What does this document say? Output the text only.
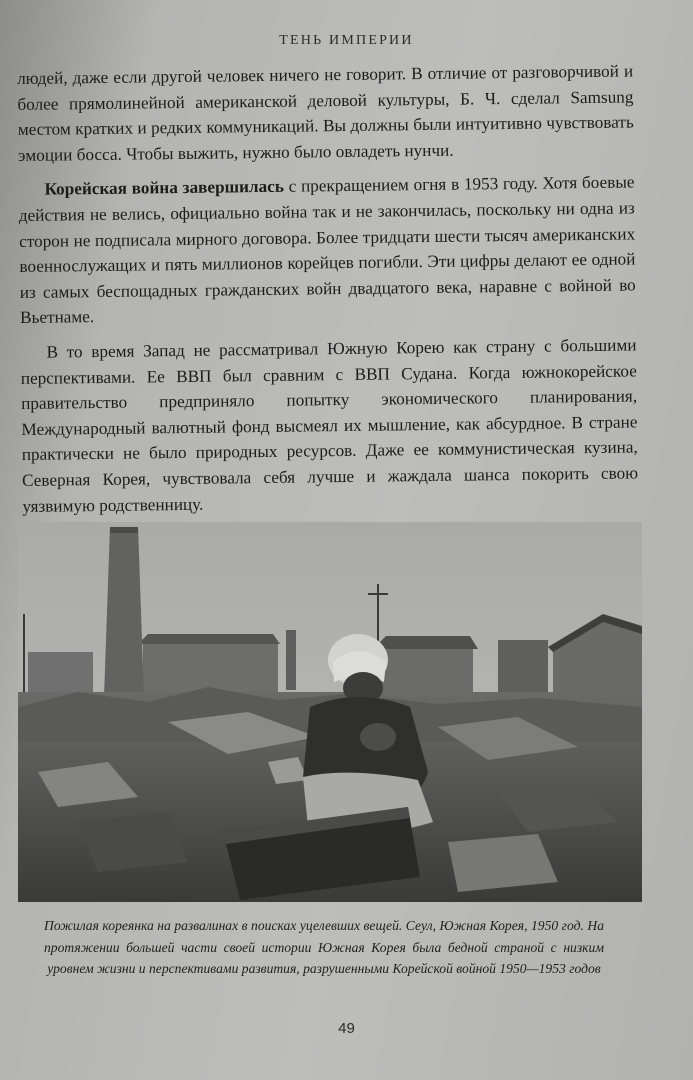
ТЕНЬ ИМПЕРИИ

людей, даже если другой человек ничего не говорит. В отличие от разговорчивой и более прямолинейной американской деловой культуры, Б. Ч. сделал Samsung местом кратких и редких коммуникаций. Вы должны были интуитивно чувствовать эмоции босса. Чтобы выжить, нужно было овладеть нунчи.

Корейская война завершилась с прекращением огня в 1953 году. Хотя боевые действия не велись, официально война так и не закончилась, поскольку ни одна из сторон не подписала мирного договора. Более тридцати шести тысяч американских военнослужащих и пять миллионов корейцев погибли. Эти цифры делают ее одной из самых беспощадных гражданских войн двадцатого века, наравне с войной во Вьетнаме.

В то время Запад не рассматривал Южную Корею как страну с большими перспективами. Ее ВВП был сравним с ВВП Судана. Когда южнокорейское правительство предприняло попытку экономического планирования, Международный валютный фонд высмеял их мышление, как абсурдное. В стране практически не было природных ресурсов. Даже ее коммунистическая кузина, Северная Корея, чувствовала себя лучше и жаждала шанса покорить свою уязвимую родственницу.

Пожилая кореянка на развалинах в поисках уцелевших вещей. Сеул, Южная Корея, 1950 год. На протяжении большей части своей истории Южная Корея была бедной страной с низким уровнем жизни и перспективами развития, разрушенными Корейской войной 1950—1953 годов
49
